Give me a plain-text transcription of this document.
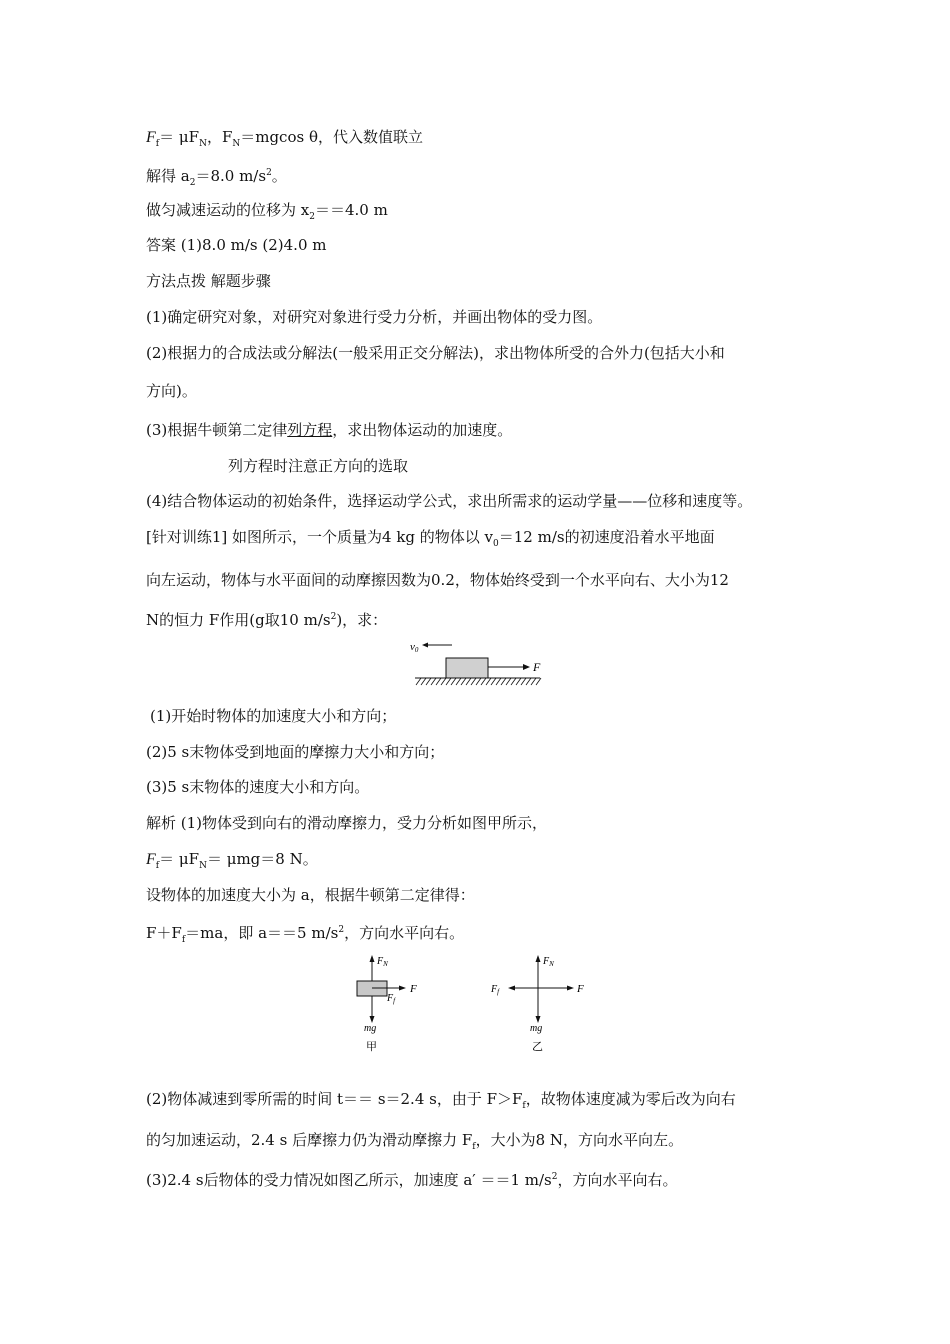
$F_f= \mu F_N$，$F_N=mgcos$ θ，代入数值联立
解得 $a_2=8.0$ $m/s^2$。
做匀减速运动的位移为 $x_2==4.0$ m
答案 (1)8.0 m/s (2)4.0 m
方法点拨 解题步骤
(1)确定研究对象，对研究对象进行受力分析，并画出物体的受力图。
(2)根据力的合成法或分解法(一般采用正交分解法)，求出物体所受的合外力(包括大小和
方向)。
(3)根据牛顿第二定律列方程，求出物体运动的加速度。
列方程时注意正方向的选取
(4)结合物体运动的初始条件，选择运动学公式，求出所需求的运动学量——位移和速度等。
[针对训练1] 如图所示，一个质量为4 kg 的物体以 $v_0=12$ m/s的初速度沿着水平地面
向左运动，物体与水平面间的动摩擦因数为0.2，物体始终受到一个水平向右、大小为12
N的恒力 F作用(g取10 $m/s^2$)，求：
v0
F
(1)开始时物体的加速度大小和方向；
(2)5 s末物体受到地面的摩擦力大小和方向；
(3)5 s末物体的速度大小和方向。
解析 (1)物体受到向右的滑动摩擦力，受力分析如图甲所示，
$F_f= \mu F_N= \mu mg=8$ N。
设物体的加速度大小为 a，根据牛顿第二定律得：
$F+F_f=ma$，即 a＝＝5 $m/s^2$，方向水平向右。
$F_N$
F
$F_f$
mg
甲
$F_N$
F
$F_f$
mg
乙
(2)物体减速到零所需的时间 t＝＝ s＝2.4 s，由于 $F>F_f$，故物体速度减为零后改为向右
的匀加速运动，2.4 s 后摩擦力仍为滑动摩擦力 $F_f$，大小为8 N，方向水平向左。
(3)2.4 s后物体的受力情况如图乙所示，加速度 a′ ＝＝1 $m/s^2$，方向水平向右。
